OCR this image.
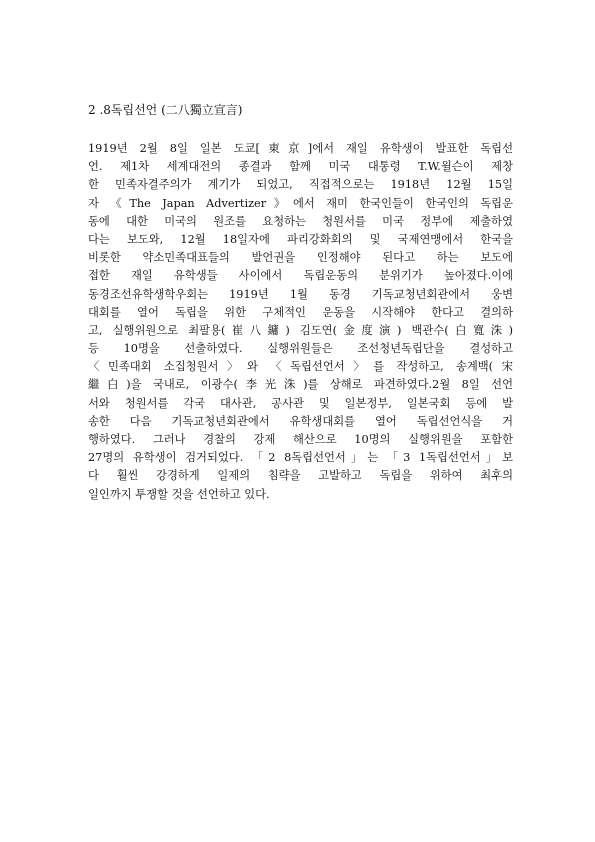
2 .8독립선언 (二八獨立宣言)
1919년 2월 8일 일본 도쿄[東京]에서 재일 유학생이 발표한 독립선
언. 제1차 세계대전의 종결과 함께 미국 대통령 T.W.윌슨이 제창
한 민족자결주의가 계기가 되었고, 직접적으로는 1918년 12월 15일
자 《The Japan Advertizer》에서 재미 한국인들이 한국인의 독립운
동에 대한 미국의 원조를 요청하는 청원서를 미국 정부에 제출하였
다는 보도와, 12월 18일자에 파리강화회의 및 국제연맹에서 한국을
비롯한 약소민족대표들의 발언권을 인정해야 된다고 하는 보도에
접한 재일 유학생들 사이에서 독립운동의 분위기가 높아졌다.이에
동경조선유학생학우회는 1919년 1월 동경 기독교청년회관에서 웅변
대회를 열어 독립을 위한 구체적인 운동을 시작해야 한다고 결의하
고, 실행위원으로 최팔용(崔八鏞) 김도연(金度演) 백관수(白寬洙)
등 10명을 선출하였다. 실행위원들은 조선청년독립단을 결성하고
〈민족대회 소집청원서〉와 〈독립선언서〉를 작성하고, 송계백(宋
繼白)을 국내로, 이광수(李光洙)를 상해로 파견하였다.2월 8일 선언
서와 청원서를 각국 대사관, 공사관 및 일본정부, 일본국회 등에 발
송한 다음 기독교청년회관에서 유학생대회를 열어 독립선언식을 거
행하였다. 그러나 경찰의 강제 해산으로 10명의 실행위원을 포함한
27명의 유학생이 검거되었다. 「2 8독립선언서」는 「3 1독립선언서」보
다 훨씬 강경하게 일제의 침략을 고발하고 독립을 위하여 최후의
일인까지 투쟁할 것을 선언하고 있다.
